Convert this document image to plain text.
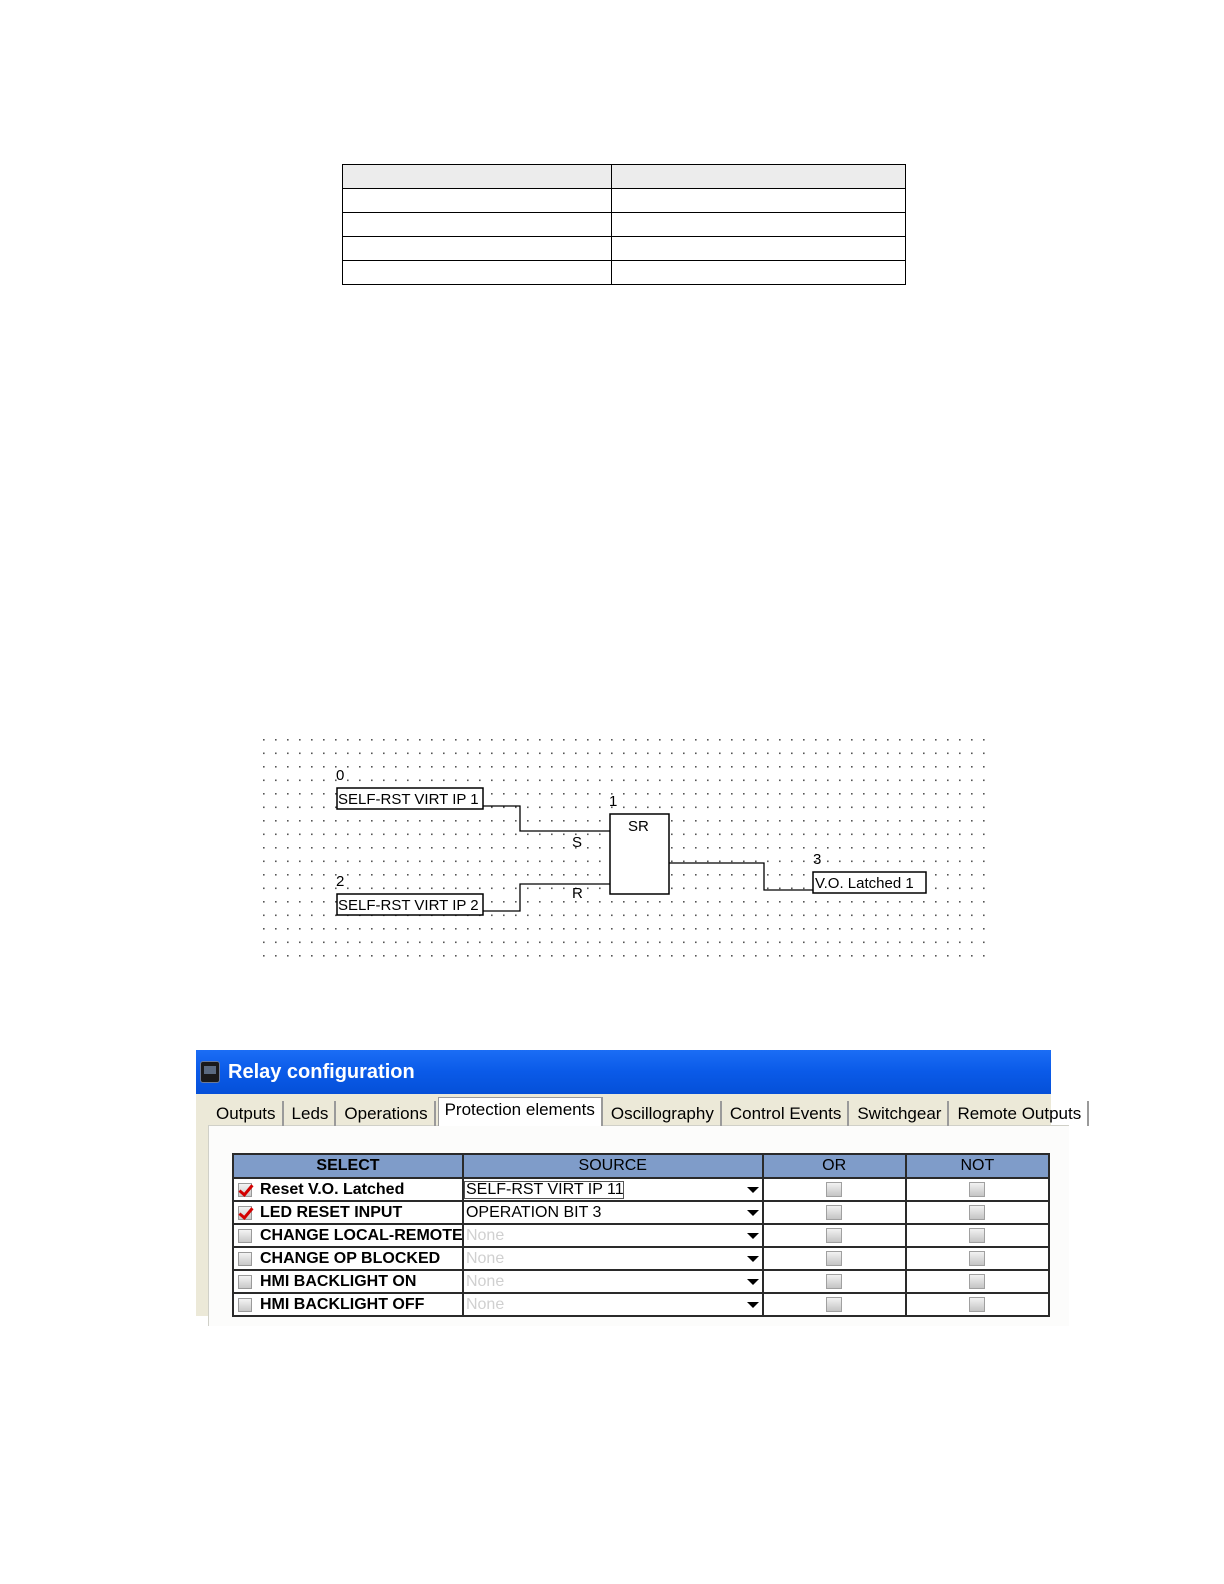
0
SELF-RST VIRT IP 1
2
SELF-RST VIRT IP 2
1
SR
S
R
3
V.O. Latched 1
Relay configuration
Outputs Leds Operations	Protection elements Oscillography Control Events Switchgear Remote Outputs
SELECT	SOURCE	OR	NOT

Reset V.O. Latched	SELF-RST VIRT IP 11		

LED RESET INPUT	OPERATION BIT 3		

CHANGE LOCAL-REMOTE	None		

CHANGE OP BLOCKED	None		

HMI BACKLIGHT ON	None		

HMI BACKLIGHT OFF	None		
